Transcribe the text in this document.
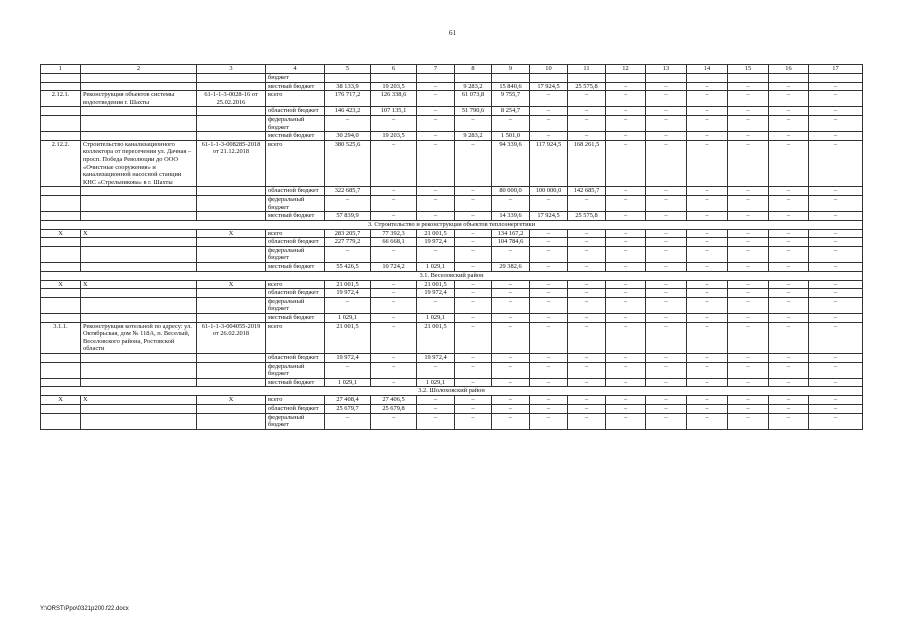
61
1	2	3	4	5	6	7	8	9	10	11	12	13	14	15	16	17
			бюджет													
			местный бюджет	38 133,9	19 203,5	–	9 283,2	15 840,6	17 924,5	25 575,8	–	–	–	–	–	–
2.12.1.	Реконструкция объектов системы водоотведения г. Шахты	61-1-1-3-0028-16 от 25.02.2016	всего	176 717,2	126 338,6	–	61 073,8	9 755,7	–	–	–	–	–	–	–	–
			областной бюджет	146 423,2	107 135,1	–	51 790,6	8 254,7	–	–	–	–	–	–	–	–
			федеральный бюджет	–	–	–	–	–	–	–	–	–	–	–	–	–
			местный бюджет	30 294,0	19 203,5	–	9 283,2	1 501,0	–	–	–	–	–	–	–	–
2.12.2.	Строительство канализационного коллектора от пересечения ул. Дачная – просп. Победа Революции до ООО «Очистные сооружения» и канализационной насосной станции КНС «Стрельникова» в г. Шахты	61-1-1-3-008285-2018 от 21.12.2018	всего	380 525,6	–	–	–	94 339,6	117 924,5	168 261,5	–	–	–	–	–	–
			областной бюджет	322 685,7	–	–	–	80 000,0	100 000,0	142 685,7	–	–	–	–	–	–
			федеральный бюджет	–	–	–	–	–	–	–	–	–	–	–	–	–
			местный бюджет	57 839,9	–	–	–	14 339,6	17 924,5	25 575,8	–	–	–	–	–	–
3. Строительство и реконструкция объектов теплоэнергетики																
Х	Х	Х	всего	283 205,7	77 392,3	21 001,5	–	134 167,2	–	–	–	–	–	–	–	–
			областной бюджет	227 779,2	66 668,1	19 972,4	–	104 784,6	–	–	–	–	–	–	–	–
			федеральный бюджет	–	–	–	–	–	–	–	–	–	–	–	–	–
			местный бюджет	55 426,5	10 724,2	1 029,1	–	29 382,6	–	–	–	–	–	–	–	–
3.1. Веселовский район																
Х	Х	Х	всего	21 001,5	–	21 001,5	–	–	–	–	–	–	–	–	–	–
			областной бюджет	19 972,4	–	19 972,4	–	–	–	–	–	–	–	–	–	–
			федеральный бюджет	–	–	–	–	–	–	–	–	–	–	–	–	–
			местный бюджет	1 029,1	–	1 029,1	–	–	–	–	–	–	–	–	–	–
3.1.1.	Реконструкция котельной по адресу: ул. Октябрьская, дом № 118А, п. Веселый, Веселовского района, Ростовской области	61-1-1-3-004055-2019 от 26.02.2018	всего	21 001,5	–	21 001,5	–	–	–	–	–	–	–	–	–	–
			областной бюджет	19 972,4	–	19 972,4	–	–	–	–	–	–	–	–	–	–
			федеральный бюджет	–	–	–	–	–	–	–	–	–	–	–	–	–
			местный бюджет	1 029,1	–	1 029,1	–	–	–	–	–	–	–	–	–	–
3.2. Шолоховский район																
Х	Х	Х	всего	27 408,4	27 406,5	–	–	–	–	–	–	–	–	–	–	–
			областной бюджет	25 679,7	25 679,8	–	–	–	–	–	–	–	–	–	–	–
			федеральный бюджет	–	–	–	–	–	–	–	–	–	–	–	–	–
Y:\ORST\Ppo\0321p200.f22.docx
